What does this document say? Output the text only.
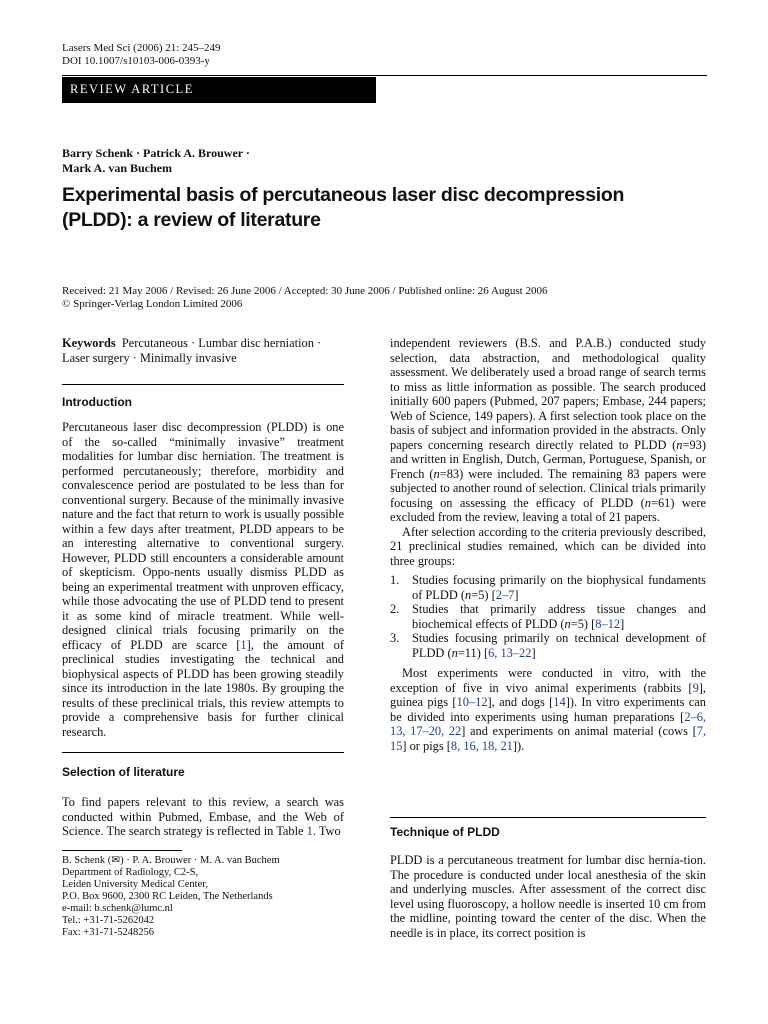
Lasers Med Sci (2006) 21: 245–249
DOI 10.1007/s10103-006-0393-y
REVIEW ARTICLE
Barry Schenk · Patrick A. Brouwer ·
Mark A. van Buchem
Experimental basis of percutaneous laser disc decompression
(PLDD): a review of literature
Received: 21 May 2006 / Revised: 26 June 2006 / Accepted: 30 June 2006 / Published online: 26 August 2006
© Springer-Verlag London Limited 2006

Keywords Percutaneous · Lumbar disc herniation · Laser surgery · Minimally invasive

Introduction

Percutaneous laser disc decompression (PLDD) is one of the so-called “minimally invasive” treatment modalities for lumbar disc herniation. The treatment is performed percutaneously; therefore, morbidity and convalescence period are postulated to be less than for conventional surgery. Because of the minimally invasive nature and the fact that return to work is usually possible within a few days after treatment, PLDD appears to be an interesting alternative to conventional surgery. However, PLDD still encounters a considerable amount of skepticism. Oppo-nents usually dismiss PLDD as being an experimental treatment with unproven efficacy, while those advocating the use of PLDD tend to present it as some kind of miracle treatment. While well-designed clinical trials focusing primarily on the efficacy of PLDD are scarce [1], the amount of preclinical studies investigating the technical and biophysical aspects of PLDD has been growing steadily since its introduction in the late 1980s. By grouping the results of these preclinical trials, this review attempts to provide a comprehensive basis for further clinical research.

Selection of literature

To find papers relevant to this review, a search was conducted within Pubmed, Embase, and the Web of Science. The search strategy is reflected in Table 1. Two

B. Schenk (✉) · P. A. Brouwer · M. A. van Buchem
Department of Radiology, C2-S,
Leiden University Medical Center,
P.O. Box 9600, 2300 RC Leiden, The Netherlands
e-mail: b.schenk@lumc.nl
Tel.: +31-71-5262042
Fax: +31-71-5248256

independent reviewers (B.S. and P.A.B.) conducted study selection, data abstraction, and methodological quality assessment. We deliberately used a broad range of search terms to miss as little information as possible. The search produced initially 600 papers (Pubmed, 207 papers; Embase, 244 papers; Web of Science, 149 papers). A first selection took place on the basis of subject and information provided in the abstracts. Only papers concerning research directly related to PLDD (n=93) and written in English, Dutch, German, Portuguese, Spanish, or French (n=83) were included. The remaining 83 papers were subjected to another round of selection. Clinical trials primarily focusing on assessing the efficacy of PLDD (n=61) were excluded from the review, leaving a total of 21 papers.

After selection according to the criteria previously described, 21 preclinical studies remained, which can be divided into three groups:

1. Studies focusing primarily on the biophysical fundaments of PLDD (n=5) [2–7]
2. Studies that primarily address tissue changes and biochemical effects of PLDD (n=5) [8–12]
3. Studies focusing primarily on technical development of PLDD (n=11) [6, 13–22]

Most experiments were conducted in vitro, with the exception of five in vivo animal experiments (rabbits [9], guinea pigs [10–12], and dogs [14]). In vitro experiments can be divided into experiments using human preparations [2–6, 13, 17–20, 22] and experiments on animal material (cows [7, 15] or pigs [8, 16, 18, 21]).

Technique of PLDD

PLDD is a percutaneous treatment for lumbar disc hernia-tion. The procedure is conducted under local anesthesia of the skin and underlying muscles. After assessment of the correct disc level using fluoroscopy, a hollow needle is inserted 10 cm from the midline, pointing toward the center of the disc. When the needle is in place, its correct position is
